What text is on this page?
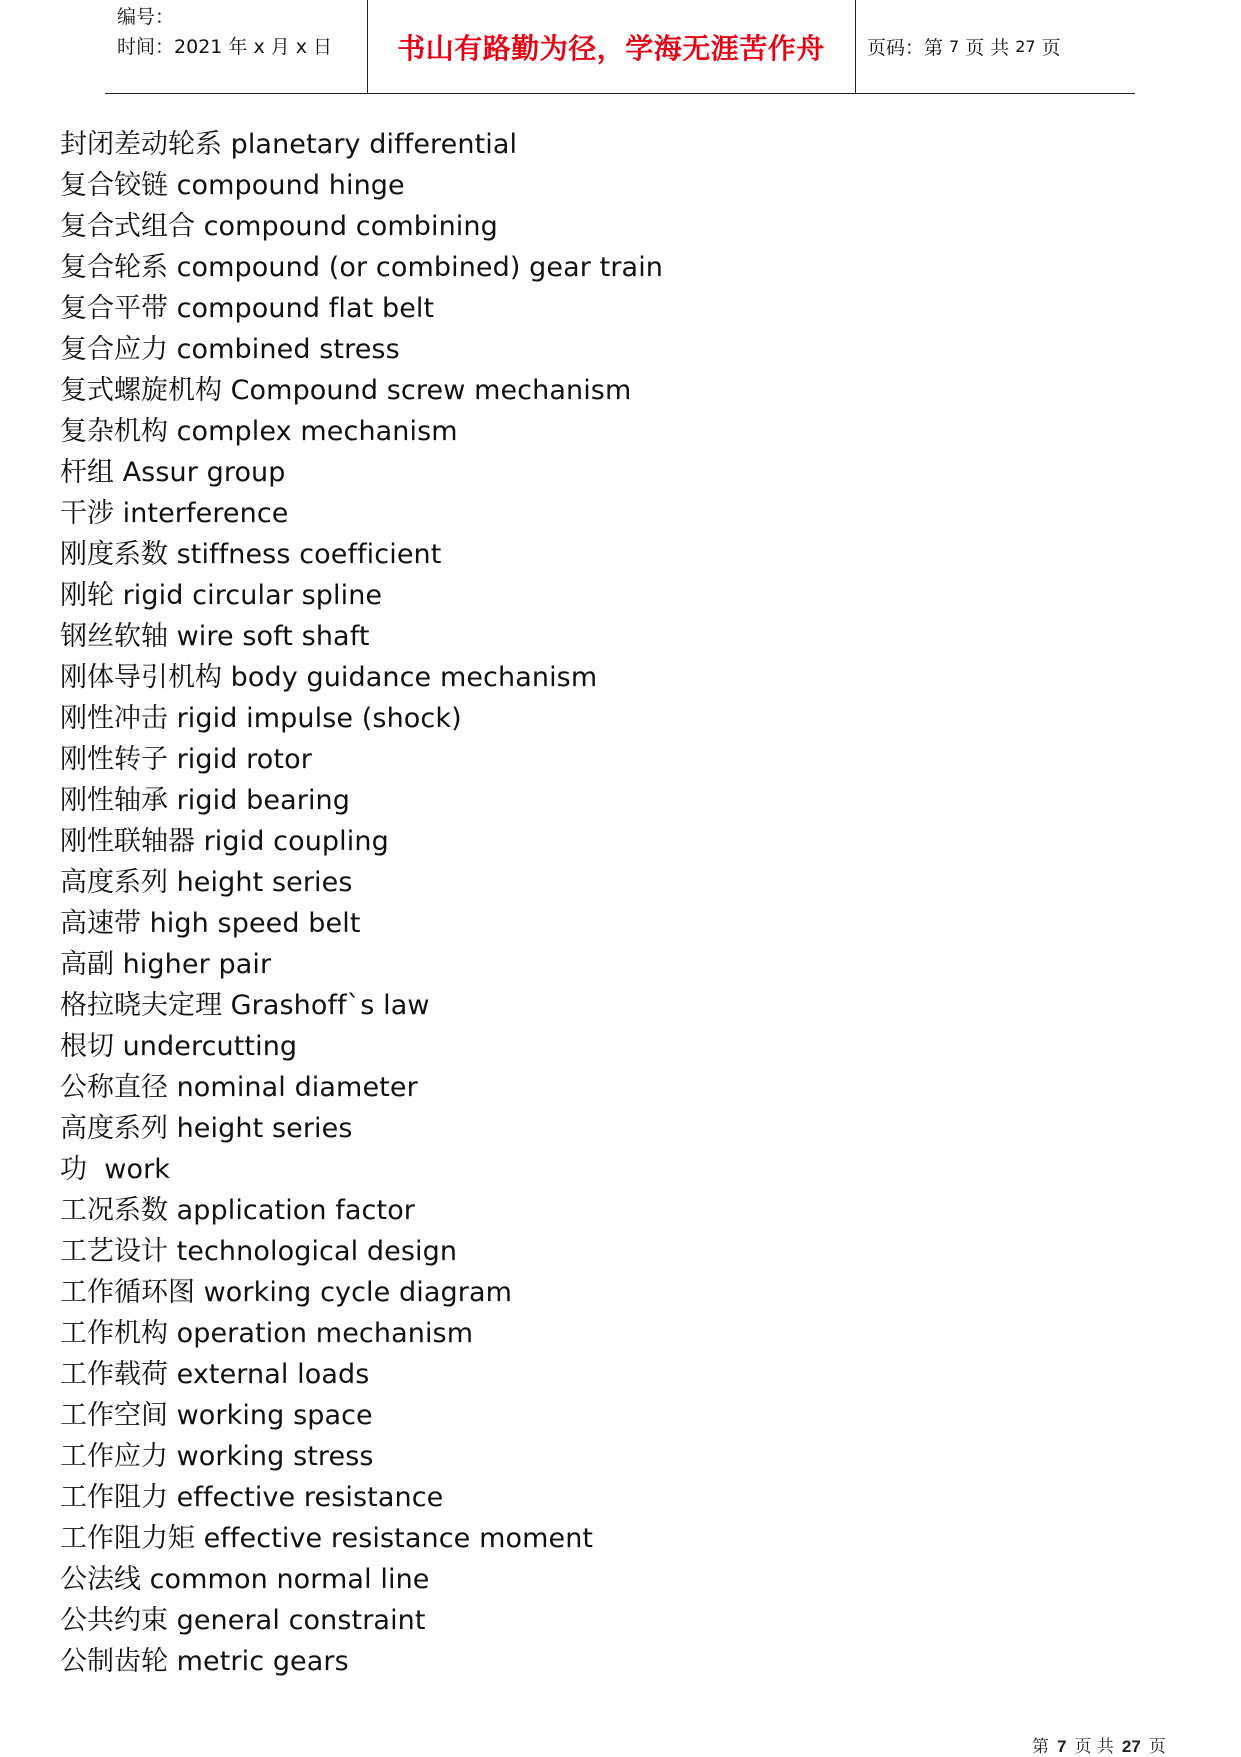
编号：
时间：2021 年 x 月 x 日	书山有路勤为径，学海无涯苦作舟	页码：第 7 页 共 27 页
封闭差动轮系 planetary differential
复合铰链 compound hinge
复合式组合 compound combining
复合轮系 compound (or combined) gear train
复合平带 compound flat belt
复合应力 combined stress
复式螺旋机构 Compound screw mechanism
复杂机构 complex mechanism
杆组 Assur group
干涉 interference
刚度系数 stiffness coefficient
刚轮 rigid circular spline
钢丝软轴 wire soft shaft
刚体导引机构 body guidance mechanism
刚性冲击 rigid impulse (shock)
刚性转子 rigid rotor
刚性轴承 rigid bearing
刚性联轴器 rigid coupling
高度系列 height series
高速带 high speed belt
高副 higher pair
格拉晓夫定理 Grashoff`s law
根切 undercutting
公称直径 nominal diameter
高度系列 height series
功  work
工况系数 application factor
工艺设计 technological design
工作循环图 working cycle diagram
工作机构 operation mechanism
工作载荷 external loads
工作空间 working space
工作应力 working stress
工作阻力 effective resistance
工作阻力矩 effective resistance moment
公法线 common normal line
公共约束 general constraint
公制齿轮 metric gears
第 7 页 共 27 页
